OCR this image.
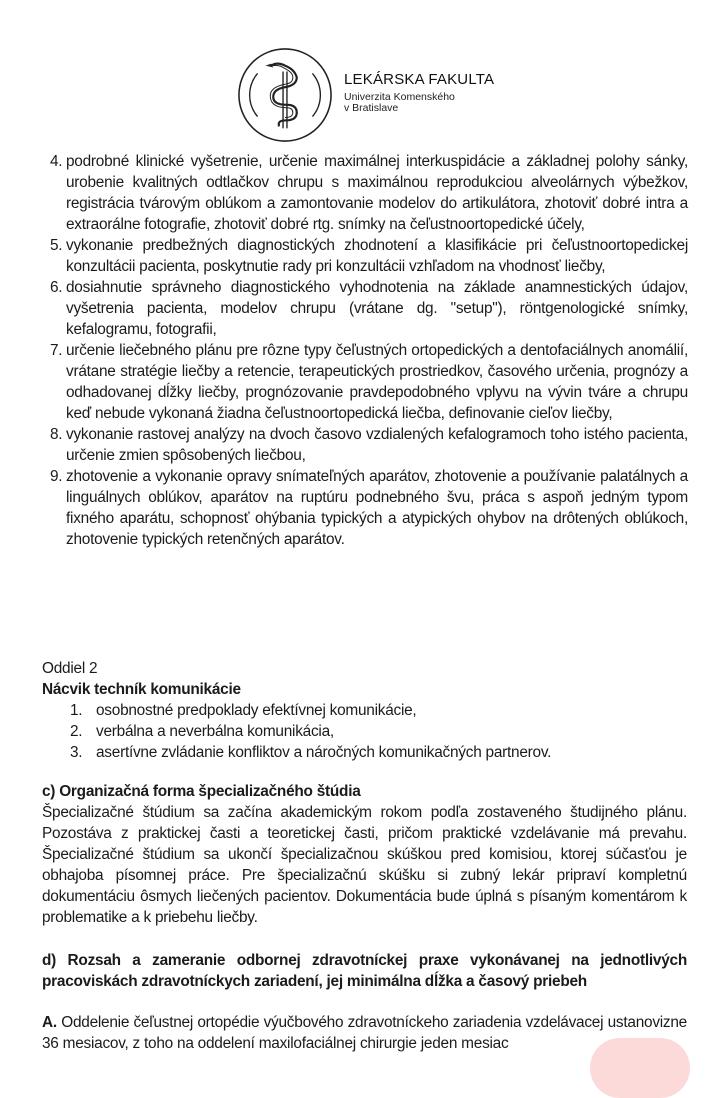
LEKÁRSKA FAKULTA
Univerzita Komenského
v Bratislave
4. podrobné klinické vyšetrenie, určenie maximálnej interkuspidácie a základnej polohy sánky, urobenie kvalitných odtlačkov chrupu s maximálnou reprodukciou alveolárnych výbežkov, registrácia tvárovým oblúkom a zamontovanie modelov do artikulátora, zhotoviť dobré intra a extraorálne fotografie, zhotoviť dobré rtg. snímky na čeľustnoortopedické účely,
5. vykonanie predbežných diagnostických zhodnotení a klasifikácie pri čeľustnoortopedickej konzultácii pacienta, poskytnutie rady pri konzultácii vzhľadom na vhodnosť liečby,
6. dosiahnutie správneho diagnostického vyhodnotenia na základe anamnestických údajov, vyšetrenia pacienta, modelov chrupu (vrátane dg. "setup"), röntgenologické snímky, kefalogramu, fotografii,
7. určenie liečebného plánu pre rôzne typy čeľustných ortopedických a dentofaciálnych anomálií, vrátane stratégie liečby a retencie, terapeutických prostriedkov, časového určenia, prognózy a odhadovanej dĺžky liečby, prognózovanie pravdepodobného vplyvu na vývin tváre a chrupu keď nebude vykonaná žiadna čeľustnoortopedická liečba, definovanie cieľov liečby,
8. vykonanie rastovej analýzy na dvoch časovo vzdialených kefalogramoch toho istého pacienta, určenie zmien spôsobených liečbou,
9. zhotovenie a vykonanie opravy snímateľných aparátov, zhotovenie a používanie palatálnych a linguálnych oblúkov, aparátov na ruptúru podnebného švu, práca s aspoň jedným typom fixného aparátu, schopnosť ohýbania typických a atypických ohybov na drôtených oblúkoch, zhotovenie typických retenčných aparátov.
Oddiel 2
Nácvik techník komunikácie
1. osobnostné predpoklady efektívnej komunikácie,
2. verbálna a neverbálna komunikácia,
3. asertívne zvládanie konfliktov a náročných komunikačných partnerov.
c) Organizačná forma špecializačného štúdia

Špecializačné štúdium sa začína akademickým rokom podľa zostaveného študijného plánu. Pozostáva z praktickej časti a teoretickej časti, pričom praktické vzdelávanie má prevahu. Špecializačné štúdium sa ukončí špecializačnou skúškou pred komisiou, ktorej súčasťou je obhajoba písomnej práce. Pre špecializačnú skúšku si zubný lekár pripraví kompletnú dokumentáciu ôsmych liečených pacientov. Dokumentácia bude úplná s písaným komentárom k problematike a k priebehu liečby.

d) Rozsah a zameranie odbornej zdravotníckej praxe vykonávanej na jednotlivých pracoviskách zdravotníckych zariadení, jej minimálna dĺžka a časový priebeh

A. Oddelenie čeľustnej ortopédie výučbového zdravotníckeho zariadenia vzdelávacej ustanovizne 36 mesiacov, z toho na oddelení maxilofaciálnej chirurgie jeden mesiac
